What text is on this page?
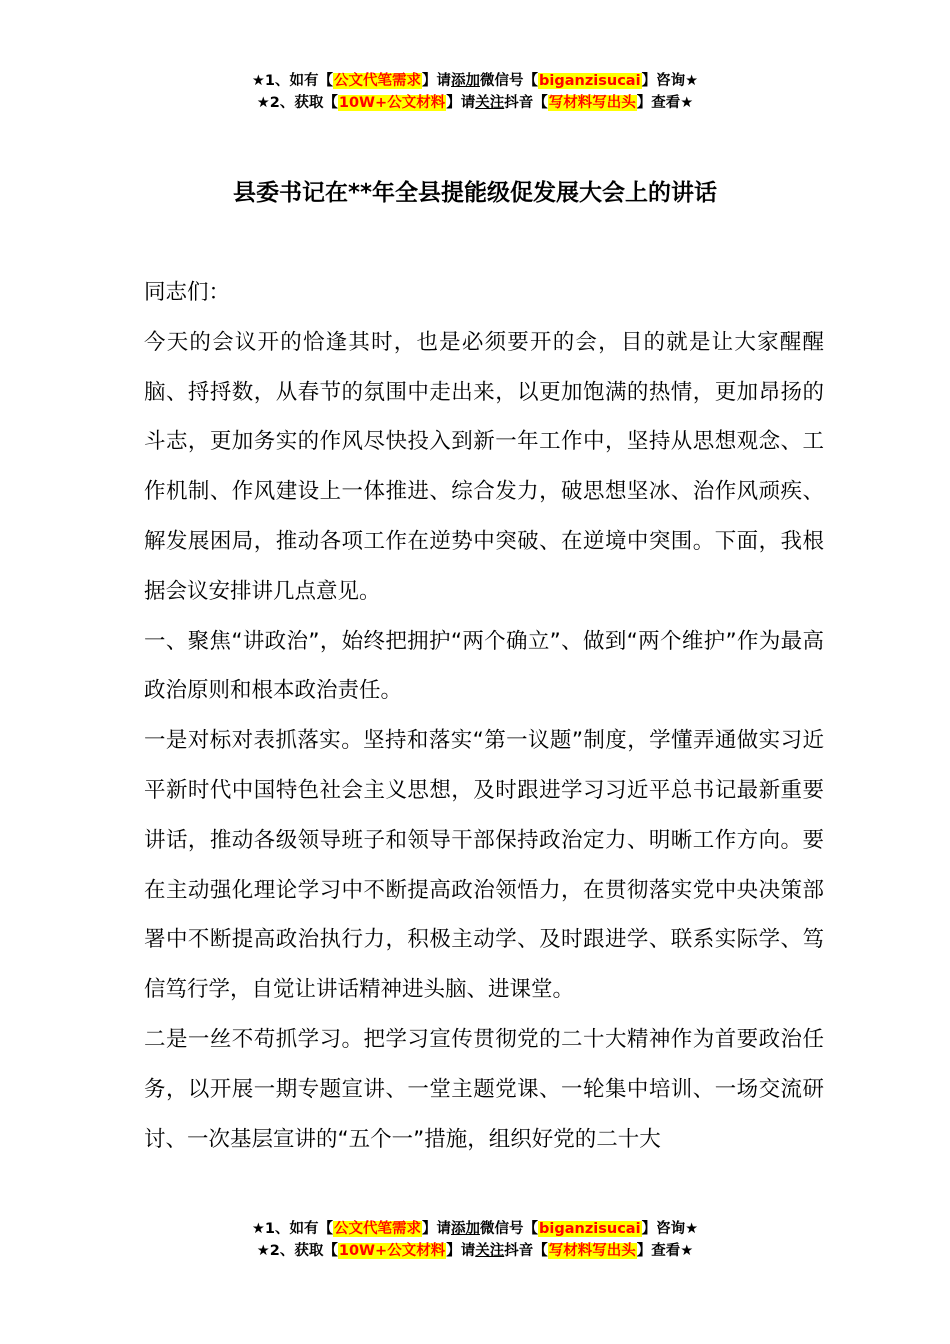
★1、如有【公文代笔需求】请添加微信号【biganzisucai】咨询★
★2、获取【10W+公文材料】请关注抖音【写材料写出头】查看★
县委书记在**年全县提能级促发展大会上的讲话

同志们：

今天的会议开的恰逢其时，也是必须要开的会，目的就是让大家醒醒脑、捋捋数，从春节的氛围中走出来，以更加饱满的热情，更加昂扬的斗志，更加务实的作风尽快投入到新一年工作中，坚持从思想观念、工作机制、作风建设上一体推进、综合发力，破思想坚冰、治作风顽疾、解发展困局，推动各项工作在逆势中突破、在逆境中突围。下面，我根据会议安排讲几点意见。

一、聚焦“讲政治”，始终把拥护“两个确立”、做到“两个维护”作为最高政治原则和根本政治责任。

一是对标对表抓落实。坚持和落实“第一议题”制度，学懂弄通做实习近平新时代中国特色社会主义思想，及时跟进学习习近平总书记最新重要讲话，推动各级领导班子和领导干部保持政治定力、明晰工作方向。要在主动强化理论学习中不断提高政治领悟力，在贯彻落实党中央决策部署中不断提高政治执行力，积极主动学、及时跟进学、联系实际学、笃信笃行学，自觉让讲话精神进头脑、进课堂。

二是一丝不苟抓学习。把学习宣传贯彻党的二十大精神作为首要政治任务，以开展一期专题宣讲、一堂主题党课、一轮集中培训、一场交流研讨、一次基层宣讲的“五个一”措施，组织好党的二十大

★1、如有【公文代笔需求】请添加微信号【biganzisucai】咨询★
★2、获取【10W+公文材料】请关注抖音【写材料写出头】查看★
